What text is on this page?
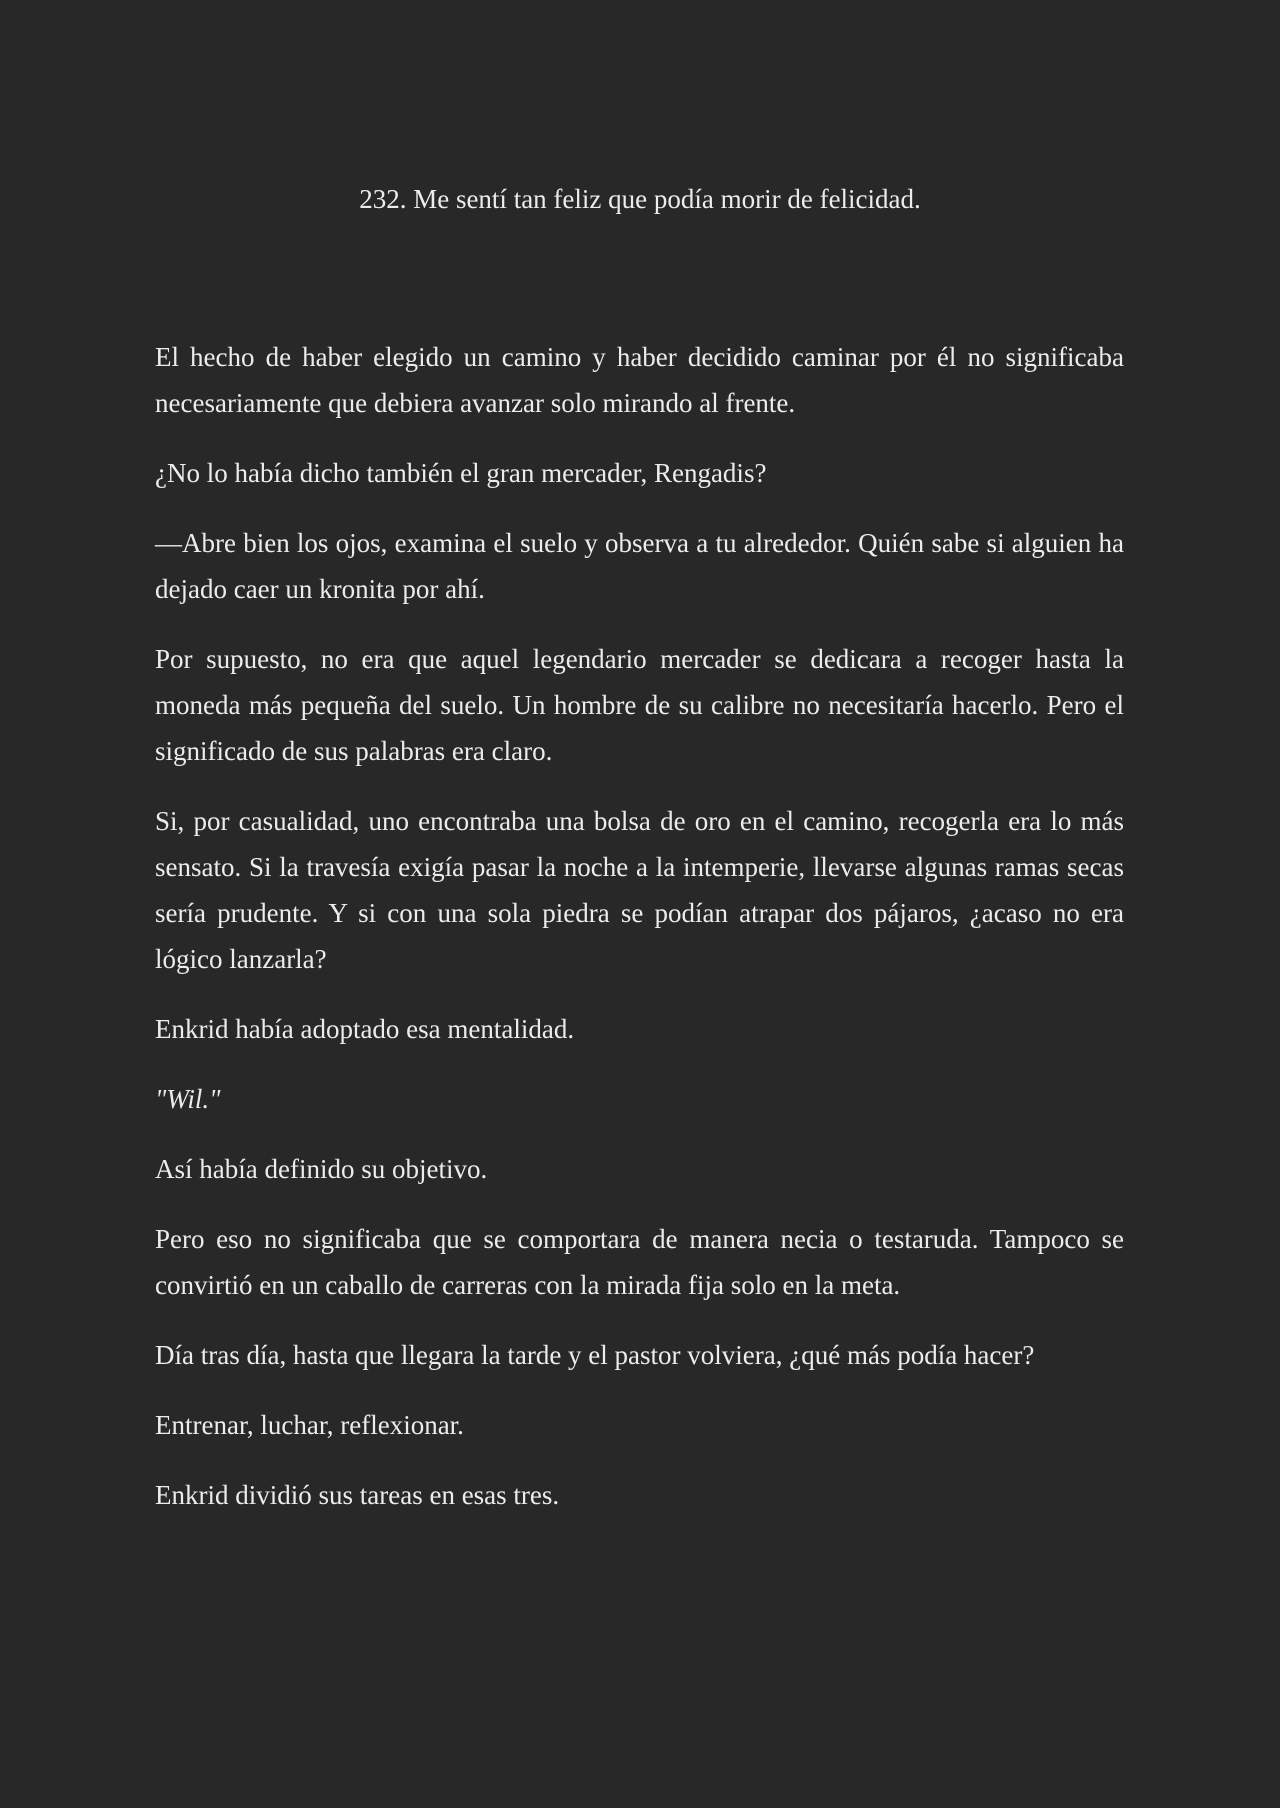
232. Me sentí tan feliz que podía morir de felicidad.

El hecho de haber elegido un camino y haber decidido caminar por él no significaba necesariamente que debiera avanzar solo mirando al frente.

¿No lo había dicho también el gran mercader, Rengadis?

—Abre bien los ojos, examina el suelo y observa a tu alrededor. Quién sabe si alguien ha dejado caer un kronita por ahí.

Por supuesto, no era que aquel legendario mercader se dedicara a recoger hasta la moneda más pequeña del suelo. Un hombre de su calibre no necesitaría hacerlo. Pero el significado de sus palabras era claro.

Si, por casualidad, uno encontraba una bolsa de oro en el camino, recogerla era lo más sensato. Si la travesía exigía pasar la noche a la intemperie, llevarse algunas ramas secas sería prudente. Y si con una sola piedra se podían atrapar dos pájaros, ¿acaso no era lógico lanzarla?

Enkrid había adoptado esa mentalidad.

"Wil."

Así había definido su objetivo.

Pero eso no significaba que se comportara de manera necia o testaruda. Tampoco se convirtió en un caballo de carreras con la mirada fija solo en la meta.

Día tras día, hasta que llegara la tarde y el pastor volviera, ¿qué más podía hacer?

Entrenar, luchar, reflexionar.

Enkrid dividió sus tareas en esas tres.
